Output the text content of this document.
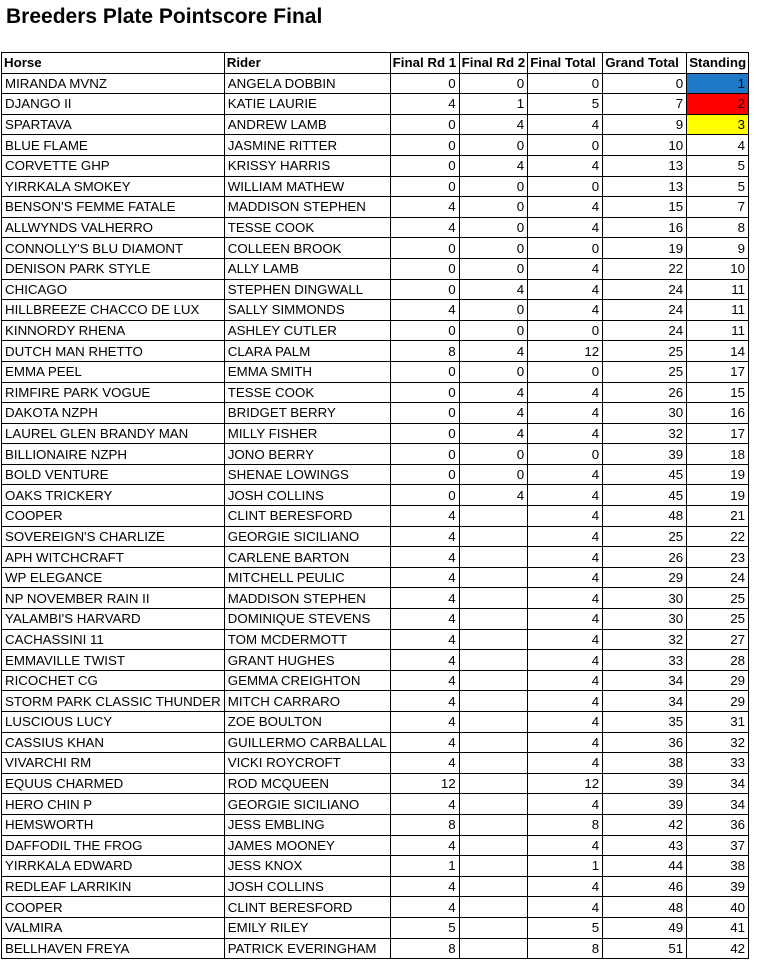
Breeders Plate Pointscore Final
Horse	Rider	Final Rd 1	Final Rd 2	Final Total	Grand Total	Standing
MIRANDA MVNZ	ANGELA DOBBIN	0	0	0	0	1
DJANGO II	KATIE LAURIE	4	1	5	7	2
SPARTAVA	ANDREW LAMB	0	4	4	9	3
BLUE FLAME	JASMINE RITTER	0	0	0	10	4
CORVETTE GHP	KRISSY HARRIS	0	4	4	13	5
YIRRKALA SMOKEY	WILLIAM MATHEW	0	0	0	13	5
BENSON'S FEMME FATALE	MADDISON STEPHEN	4	0	4	15	7
ALLWYNDS VALHERRO	TESSE COOK	4	0	4	16	8
CONNOLLY'S BLU DIAMONT	COLLEEN BROOK	0	0	0	19	9
DENISON PARK STYLE	ALLY LAMB	0	0	4	22	10
CHICAGO	STEPHEN DINGWALL	0	4	4	24	11
HILLBREEZE CHACCO DE LUX	SALLY SIMMONDS	4	0	4	24	11
KINNORDY RHENA	ASHLEY CUTLER	0	0	0	24	11
DUTCH MAN RHETTO	CLARA PALM	8	4	12	25	14
EMMA PEEL	EMMA SMITH	0	0	0	25	17
RIMFIRE PARK VOGUE	TESSE COOK	0	4	4	26	15
DAKOTA NZPH	BRIDGET BERRY	0	4	4	30	16
LAUREL GLEN BRANDY MAN	MILLY FISHER	0	4	4	32	17
BILLIONAIRE NZPH	JONO BERRY	0	0	0	39	18
BOLD VENTURE	SHENAE LOWINGS	0	0	4	45	19
OAKS TRICKERY	JOSH COLLINS	0	4	4	45	19
COOPER	CLINT BERESFORD	4		4	48	21
SOVEREIGN'S CHARLIZE	GEORGIE SICILIANO	4		4	25	22
APH WITCHCRAFT	CARLENE BARTON	4		4	26	23
WP ELEGANCE	MITCHELL PEULIC	4		4	29	24
NP NOVEMBER RAIN II	MADDISON STEPHEN	4		4	30	25
YALAMBI'S HARVARD	DOMINIQUE STEVENS	4		4	30	25
CACHASSINI 11	TOM MCDERMOTT	4		4	32	27
EMMAVILLE TWIST	GRANT HUGHES	4		4	33	28
RICOCHET CG	GEMMA CREIGHTON	4		4	34	29
STORM PARK CLASSIC THUNDER	MITCH CARRARO	4		4	34	29
LUSCIOUS LUCY	ZOE BOULTON	4		4	35	31
CASSIUS KHAN	GUILLERMO CARBALLAL	4		4	36	32
VIVARCHI RM	VICKI ROYCROFT	4		4	38	33
EQUUS CHARMED	ROD MCQUEEN	12		12	39	34
HERO CHIN P	GEORGIE SICILIANO	4		4	39	34
HEMSWORTH	JESS EMBLING	8		8	42	36
DAFFODIL THE FROG	JAMES MOONEY	4		4	43	37
YIRRKALA EDWARD	JESS KNOX	1		1	44	38
REDLEAF LARRIKIN	JOSH COLLINS	4		4	46	39
COOPER	CLINT BERESFORD	4		4	48	40
VALMIRA	EMILY RILEY	5		5	49	41
BELLHAVEN FREYA	PATRICK EVERINGHAM	8		8	51	42
